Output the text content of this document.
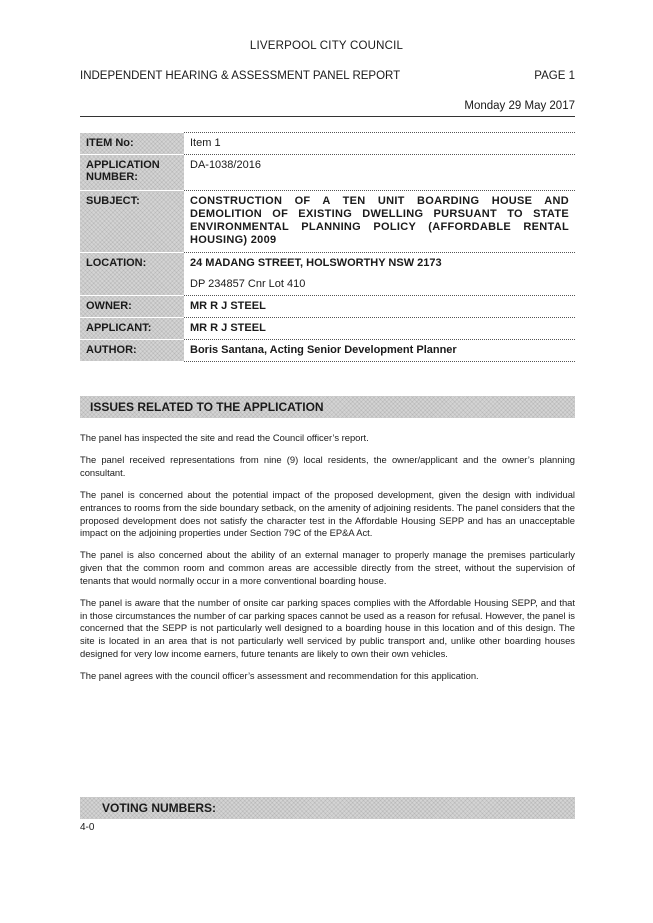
LIVERPOOL CITY COUNCIL
INDEPENDENT HEARING & ASSESSMENT PANEL REPORT	PAGE 1
Monday 29 May 2017
ITEM No:	Item 1
APPLICATION NUMBER:	DA-1038/2016
SUBJECT:	CONSTRUCTION OF A TEN UNIT BOARDING HOUSE AND DEMOLITION OF EXISTING DWELLING PURSUANT TO STATE ENVIRONMENTAL PLANNING POLICY (AFFORDABLE RENTAL HOUSING) 2009
LOCATION:	24 MADANG STREET, HOLSWORTHY NSW 2173

DP 234857 Cnr Lot 410

OWNER:	MR R J STEEL
APPLICANT:	MR R J STEEL
AUTHOR:	Boris Santana, Acting Senior Development Planner
ISSUES RELATED TO THE APPLICATION

The panel has inspected the site and read the Council officer’s report.

The panel received representations from nine (9) local residents, the owner/applicant and the owner’s planning consultant.

The panel is concerned about the potential impact of the proposed development, given the design with individual entrances to rooms from the side boundary setback, on the amenity of adjoining residents. The panel considers that the proposed development does not satisfy the character test in the Affordable Housing SEPP and has an unacceptable impact on the adjoining properties under Section 79C of the EP&A Act.

The panel is also concerned about the ability of an external manager to properly manage the premises particularly given that the common room and common areas are accessible directly from the street, without the supervision of tenants that would normally occur in a more conventional boarding house.

The panel is aware that the number of onsite car parking spaces complies with the Affordable Housing SEPP, and that in those circumstances the number of car parking spaces cannot be used as a reason for refusal. However, the panel is concerned that the SEPP is not particularly well designed to a boarding house in this location and of this design. The site is located in an area that is not particularly well serviced by public transport and, unlike other boarding houses designed for very low income earners, future tenants are likely to own their own vehicles.

The panel agrees with the council officer’s assessment and recommendation for this application.

VOTING NUMBERS:
4-0
